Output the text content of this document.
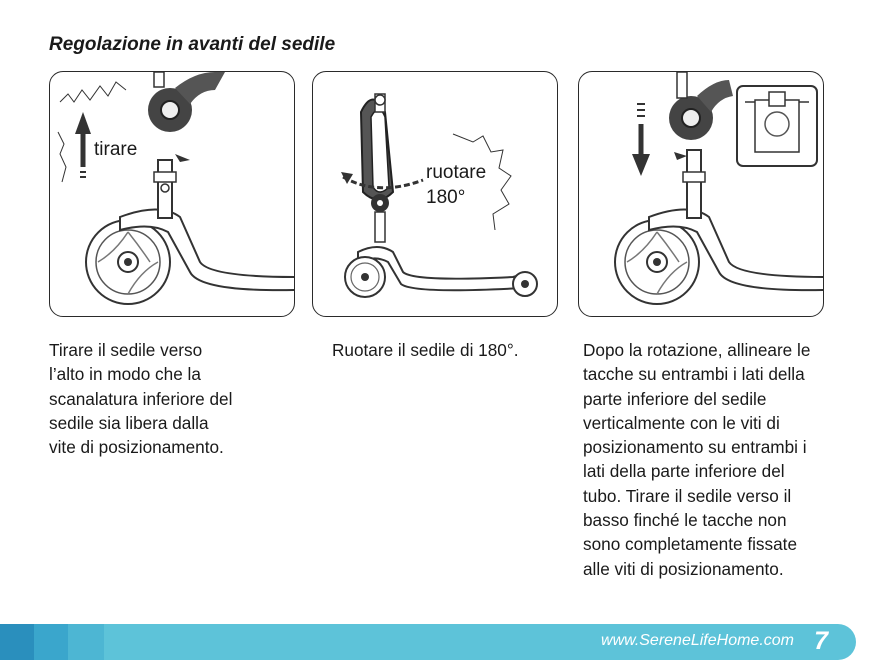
Regolazione in avanti del sedile
tirare
ruotare
180°
Tirare il sedile verso
l’alto in modo che la
scanalatura inferiore del
sedile sia libera dalla
vite di posizionamento.
Ruotare il sedile di 180°.	Dopo la rotazione, allineare le
tacche su entrambi i lati della
parte inferiore del sedile
verticalmente con le viti di
posizionamento su entrambi i
lati della parte inferiore del
tubo. Tirare il sedile verso il
basso finché le tacche non
sono completamente fissate
alle viti di posizionamento.
www.SereneLifeHome.com 7
